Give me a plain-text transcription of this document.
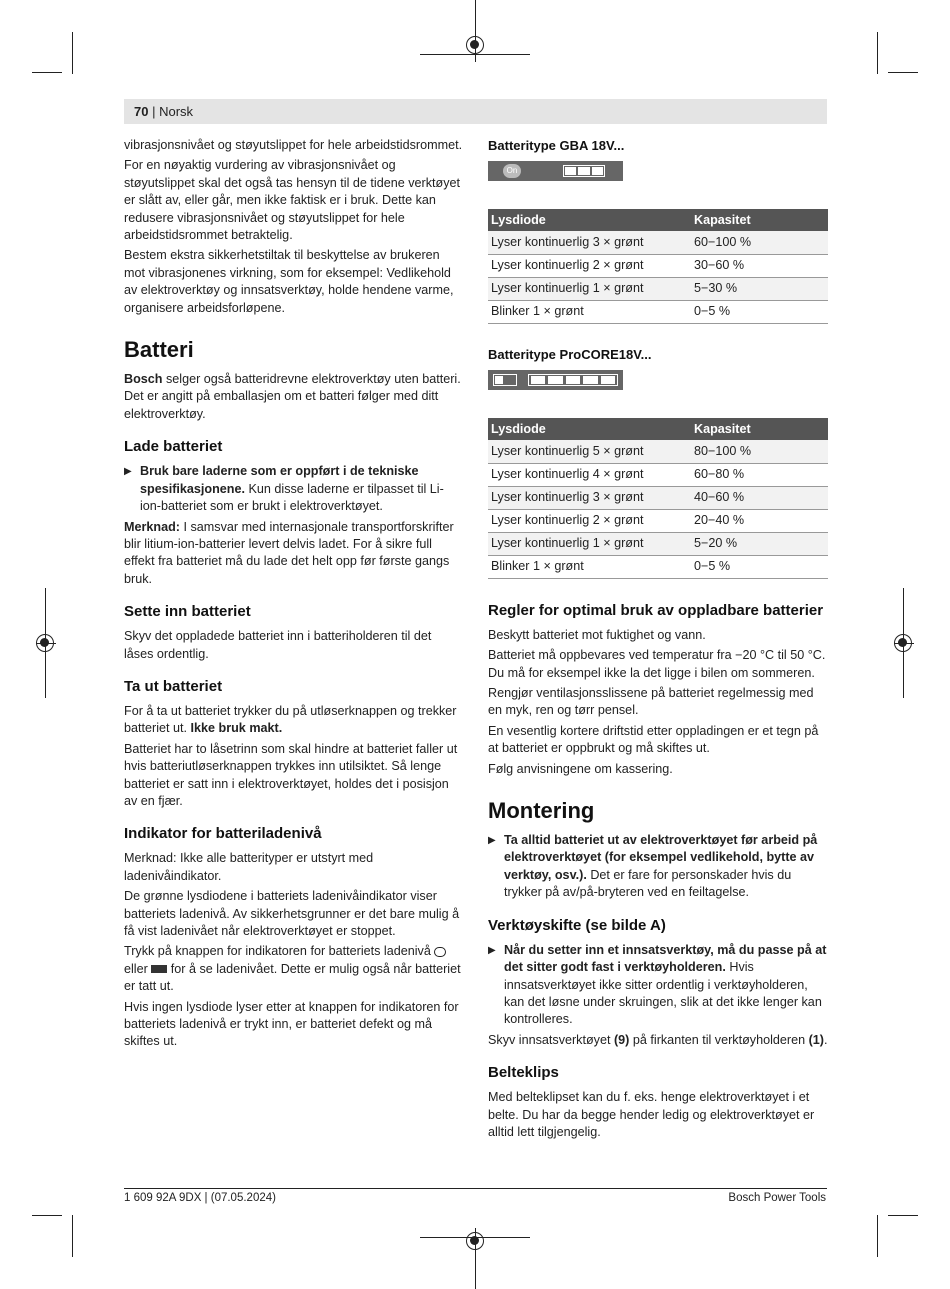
70 | Norsk

vibrasjonsnivået og støyutslippet for hele arbeidstidsrommet.

For en nøyaktig vurdering av vibrasjonsnivået og støyutslippet skal det også tas hensyn til de tidene verktøyet er slått av, eller går, men ikke faktisk er i bruk. Dette kan redusere vibrasjonsnivået og støyutslippet for hele arbeidstidsrommet betraktelig.

Bestem ekstra sikkerhetstiltak til beskyttelse av brukeren mot vibrasjonenes virkning, som for eksempel: Vedlikehold av elektroverktøy og innsatsverktøy, holde hendene varme, organisere arbeidsforløpene.

Batteri

Bosch selger også batteridrevne elektroverktøy uten batteri. Det er angitt på emballasjen om et batteri følger med ditt elektroverktøy.

Lade batteriet

▶ Bruk bare laderne som er oppført i de tekniske spesifikasjonene. Kun disse laderne er tilpasset til Li-ion-batteriet som er brukt i elektroverktøyet.

Merknad: I samsvar med internasjonale transportforskrifter blir litium-ion-batterier levert delvis ladet. For å sikre full effekt fra batteriet må du lade det helt opp før første gangs bruk.

Sette inn batteriet

Skyv det oppladede batteriet inn i batteriholderen til det låses ordentlig.

Ta ut batteriet

For å ta ut batteriet trykker du på utløserknappen og trekker batteriet ut. Ikke bruk makt.

Batteriet har to låsetrinn som skal hindre at batteriet faller ut hvis batteriutløserknappen trykkes inn utilsiktet. Så lenge batteriet er satt inn i elektroverktøyet, holdes det i posisjon av en fjær.

Indikator for batteriladenivå

Merknad: Ikke alle batterityper er utstyrt med ladenivåindikator.

De grønne lysdiodene i batteriets ladenivåindikator viser batteriets ladenivå. Av sikkerhetsgrunner er det bare mulig å få vist ladenivået når elektroverktøyet er stoppet.

Trykk på knappen for indikatoren for batteriets ladenivå  eller  for å se ladenivået. Dette er mulig også når batteriet er tatt ut.

Hvis ingen lysdiode lyser etter at knappen for indikatoren for batteriets ladenivå er trykt inn, er batteriet defekt og må skiftes ut.

Batteritype GBA 18V...
On
Lysdiode	Kapasitet
Lyser kontinuerlig 3 × grønt	60−100 %
Lyser kontinuerlig 2 × grønt	30−60 %
Lyser kontinuerlig 1 × grønt	5−30 %
Blinker 1 × grønt	0−5 %
Batteritype ProCORE18V...
Lysdiode	Kapasitet
Lyser kontinuerlig 5 × grønt	80−100 %
Lyser kontinuerlig 4 × grønt	60−80 %
Lyser kontinuerlig 3 × grønt	40−60 %
Lyser kontinuerlig 2 × grønt	20−40 %
Lyser kontinuerlig 1 × grønt	5−20 %
Blinker 1 × grønt	0−5 %
Regler for optimal bruk av oppladbare batterier

Beskytt batteriet mot fuktighet og vann.

Batteriet må oppbevares ved temperatur fra −20 °C til 50 °C. Du må for eksempel ikke la det ligge i bilen om sommeren.

Rengjør ventilasjonsslissene på batteriet regelmessig med en myk, ren og tørr pensel.

En vesentlig kortere driftstid etter oppladingen er et tegn på at batteriet er oppbrukt og må skiftes ut.

Følg anvisningene om kassering.

Montering

▶ Ta alltid batteriet ut av elektroverktøyet før arbeid på elektroverktøyet (for eksempel vedlikehold, bytte av verktøy, osv.). Det er fare for personskader hvis du trykker på av/på-bryteren ved en feiltagelse.

Verktøyskifte (se bilde A)

▶ Når du setter inn et innsatsverktøy, må du passe på at det sitter godt fast i verktøyholderen. Hvis innsatsverktøyet ikke sitter ordentlig i verktøyholderen, kan det løsne under skruingen, slik at det ikke lenger kan kontrolleres.

Skyv innsatsverktøyet (9) på firkanten til verktøyholderen (1).

Belteklips

Med belteklipset kan du f. eks. henge elektroverktøyet i et belte. Du har da begge hender ledig og elektroverktøyet er alltid lett tilgjengelig.

1 609 92A 9DX | (07.05.2024)	Bosch Power Tools
